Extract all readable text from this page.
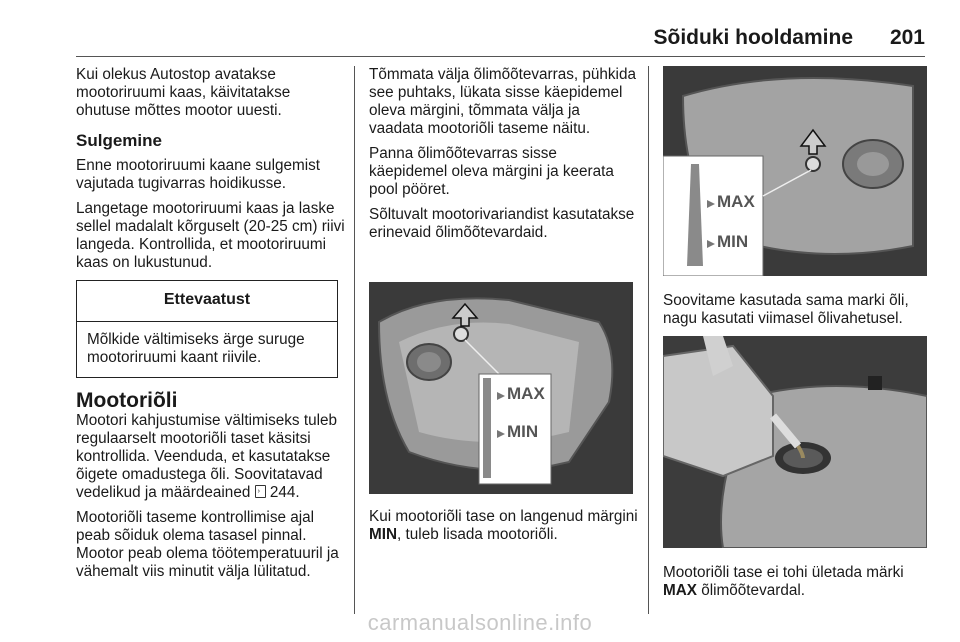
Sõiduki hooldamine 201

Kui olekus Autostop avatakse mootoriruumi kaas, käivitatakse ohutuse mõttes mootor uuesti.

Sulgemine

Enne mootoriruumi kaane sulgemist vajutada tugivarras hoidikusse.

Langetage mootoriruumi kaas ja laske sellel madalalt kõrguselt (20-25 cm) riivi langeda. Kontrollida, et mootoriruumi kaas on lukustunud.

Ettevaatust
Mõlkide vältimiseks ärge suruge mootoriruumi kaant riivile.
Mootoriõli

Mootori kahjustumise vältimiseks tuleb regulaarselt mootoriõli taset käsitsi kontrollida. Veenduda, et kasutatakse õigete omadustega õli. Soovitatavad vedelikud ja määrdeained › 244.

Mootoriõli taseme kontrollimise ajal peab sõiduk olema tasasel pinnal. Mootor peab olema töötemperatuuril ja vähemalt viis minutit välja lülitatud.

Tõmmata välja õlimõõtevarras, pühkida see puhtaks, lükata sisse käepidemel oleva märgini, tõmmata välja ja vaadata mootoriõli taseme näitu.

Panna õlimõõtevarras sisse käepidemel oleva märgini ja keerata pool pööret.

Sõltuvalt mootorivariandist kasutatakse erinevaid õlimõõtevardaid.

MAX
MIN

Kui mootoriõli tase on langenud märgini MIN, tuleb lisada mootoriõli.

MAX
MIN

Soovitame kasutada sama marki õli, nagu kasutati viimasel õlivahetusel.

Mootoriõli tase ei tohi ületada märki MAX õlimõõtevardal.

carmanualsonline.info
